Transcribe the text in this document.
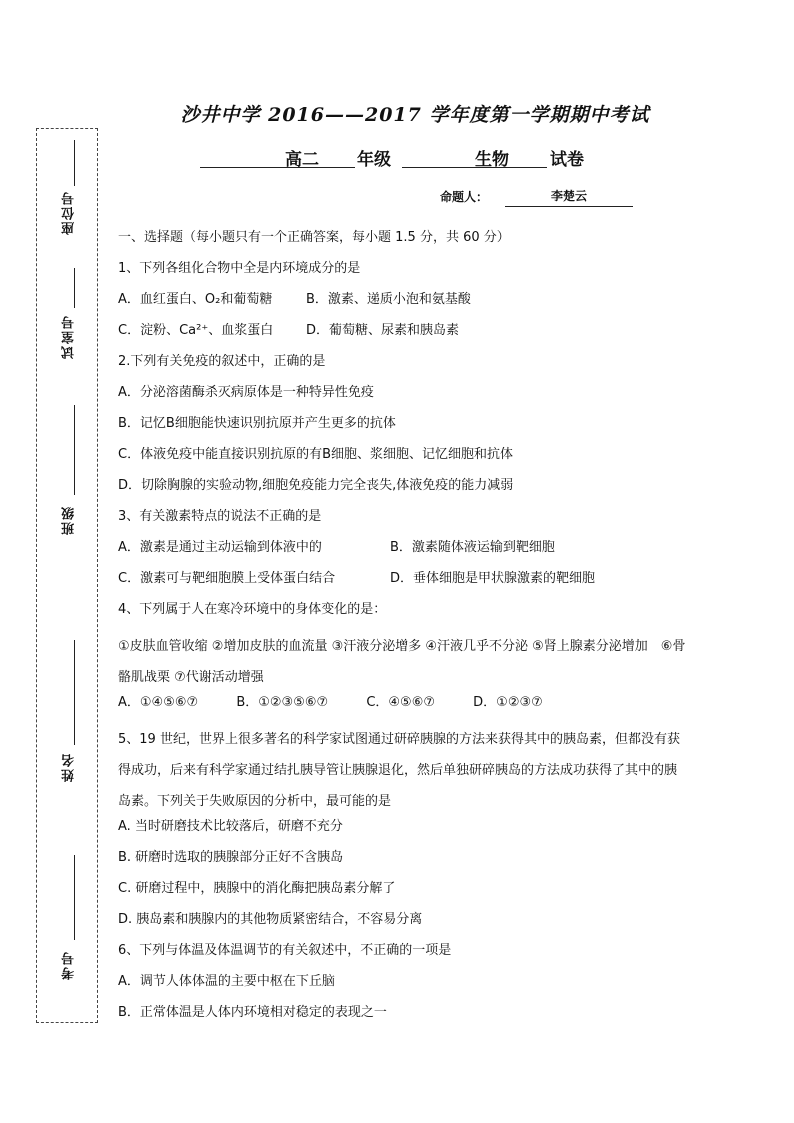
座位号
试室号
班级
姓名
考号
沙井中学 2016——2017 学年度第一学期期中考试
高二 年级	生物 试卷
命题人：	李楚云
一、选择题（每小题只有一个正确答案，每小题 1.5 分，共 60 分）
1、下列各组化合物中全是内环境成分的是
A．血红蛋白、O₂和葡萄糖	B．激素、递质小泡和氨基酸
C．淀粉、Ca²⁺、血浆蛋白	D．葡萄糖、尿素和胰岛素
2.下列有关免疫的叙述中，正确的是
A．分泌溶菌酶杀灭病原体是一种特异性免疫
B．记忆B细胞能快速识别抗原并产生更多的抗体
C．体液免疫中能直接识别抗原的有B细胞、浆细胞、记忆细胞和抗体
D．切除胸腺的实验动物,细胞免疫能力完全丧失,体液免疫的能力减弱
3、有关激素特点的说法不正确的是
A．激素是通过主动运输到体液中的	B．激素随体液运输到靶细胞
C．激素可与靶细胞膜上受体蛋白结合	D．垂体细胞是甲状腺激素的靶细胞
4、下列属于人在寒冷环境中的身体变化的是：
①皮肤血管收缩 ②增加皮肤的血流量 ③汗液分泌增多 ④汗液几乎不分泌 ⑤肾上腺素分泌增加　⑥骨骼肌战栗 ⑦代谢活动增强
A．①④⑤⑥⑦	B．①②③⑤⑥⑦	C．④⑤⑥⑦	D．①②③⑦
5、19 世纪，世界上很多著名的科学家试图通过研碎胰腺的方法来获得其中的胰岛素，但都没有获得成功，后来有科学家通过结扎胰导管让胰腺退化，然后单独研碎胰岛的方法成功获得了其中的胰岛素。下列关于失败原因的分析中，最可能的是
A. 当时研磨技术比较落后，研磨不充分
B. 研磨时选取的胰腺部分正好不含胰岛
C. 研磨过程中，胰腺中的消化酶把胰岛素分解了
D. 胰岛素和胰腺内的其他物质紧密结合，不容易分离
6、下列与体温及体温调节的有关叙述中，不正确的一项是
A．调节人体体温的主要中枢在下丘脑
B．正常体温是人体内环境相对稳定的表现之一
